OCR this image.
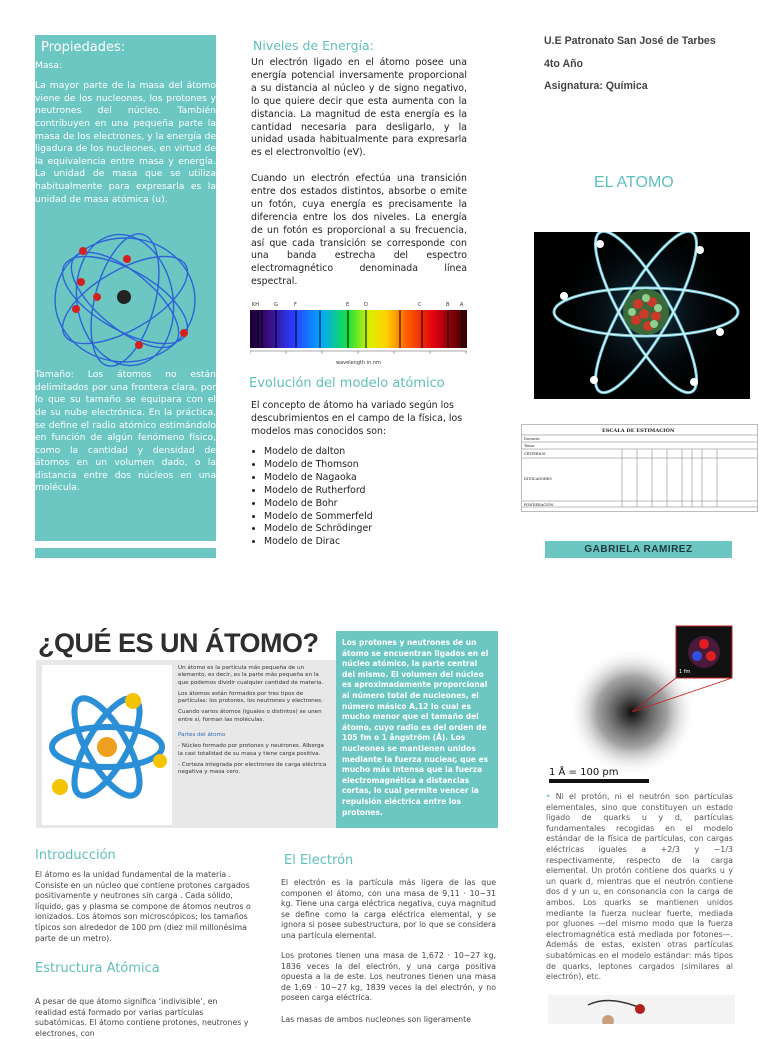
Propiedades:
Masa:

La mayor parte de la masa del átomo viene de los nucleones, los protones y neutrones del núcleo. También contribuyen en una pequeña parte la masa de los electrones, y la energía de ligadura de los nucleones, en virtud de la equivalencia entre masa y energía. La unidad de masa que se utiliza habitualmente para expresarla es la unidad de masa atómica (u).

Tamaño: Los átomos no están delimitados por una frontera clara, por lo que su tamaño se equipara con el de su nube electrónica. En la práctica, se define el radio atómico estimándolo en función de algún fenómeno físico, como la cantidad y densidad de átomos en un volumen dado, o la distancia entre dos núcleos en una molécula.

Niveles de Energía:
Un electrón ligado en el átomo posee una energía potencial inversamente proporcional a su distancia al núcleo y de signo negativo, lo que quiere decir que esta aumenta con la distancia. La magnitud de esta energía es la cantidad necesaria para desligarlo, y la unidad usada habitualmente para expresarla es el electronvoltio (eV).
Cuando un electrón efectúa una transición entre dos estados distintos, absorbe o emite un fotón, cuya energía es precisamente la diferencia entre los dos niveles. La energía de un fotón es proporcional a su frecuencia, así que cada transición se corresponde con una banda estrecha del espectro electromagnético denominada línea espectral.
KH	G	F	E	D	C	B A
wavelength in nm
Evolución del modelo atómico
El concepto de átomo ha variado según los descubrimientos en el campo de la física, los modelos mas conocidos son:
• Modelo de dalton
• Modelo de Thomson
• Modelo de Nagaoka
• Modelo de Rutherford
• Modelo de Bohr
• Modelo de Sommerfeld
• Modelo de Schrödinger
• Modelo de Dirac
U.E Patronato San José de Tarbes
4to Año
Asignatura: Química
EL ATOMO
ESCALA DE ESTIMACIÓN
Docente:
Tema:
CRITERIOS
INDICADORES
PONDERACIÓN
GABRIELA RAMIREZ
¿QUÉ ES UN ÁTOMO?

Un átomo es la partícula más pequeña de un elemento, es decir, es la parte más pequeña en la que podemos dividir cualquier cantidad de materia.

Los átomos están formados por tres tipos de partículas: los protones, los neutrones y electrones.

Cuando varios átomos (iguales o distintos) se unen entre sí, forman las moléculas.

Partes del átomo

- Núcleo formado por protones y neutrones. Alberga la casi totalidad de su masa y tiene carga positiva.

- Corteza integrada por electrones de carga eléctrica negativa y masa cero.

Los protones y neutrones de un átomo se encuentran ligados en el núcleo atómico, la parte central del mismo. El volumen del núcleo es aproximadamente proporcional al número total de nucleones, el número másico A,12 lo cual es mucho menor que el tamaño del átomo, cuyo radio es del orden de 105 fm o 1 ångström (Å). Los nucleones se mantienen unidos mediante la fuerza nuclear, que es mucho más intensa que la fuerza electromagnética a distancias cortas, lo cual permite vencer la repulsión eléctrica entre los protones.
Introducción
El átomo es la unidad fundamental de la materia . Consiste en un núcleo que contiene protones cargados positivamente y neutrones sin carga . Cada sólido, líquido, gas y plasma se compone de átomos neutros o ionizados. Los átomos son microscópicos; los tamaños típicos son alrededor de 100 pm (diez mil millonésima parte de un metro).
Estructura Atómica
A pesar de que átomo significa ‘indivisible’, en realidad está formado por varias partículas subatómicas. El átomo contiene protones, neutrones y electrones, con
El Electrón
El electrón es la partícula más ligera de las que componen el átomo, con una masa de 9,11 · 10−31 kg. Tiene una carga eléctrica negativa, cuya magnitud se define como la carga eléctrica elemental, y se ignora si posee subestructura, por lo que se considera una partícula elemental.
Los protones tienen una masa de 1,672 · 10−27 kg, 1836 veces la del electrón, y una carga positiva opuesta a la de este. Los neutrones tienen una masa de 1,69 · 10−27 kg, 1839 veces la del electrón, y no poseen carga eléctrica.
Las masas de ambos nucleones son ligeramente
1 fm
1 Å = 100 pm
• Ni el protón, ni el neutrón son partículas elementales, sino que constituyen un estado ligado de quarks u y d, partículas fundamentales recogidas en el modelo estándar de la física de partículas, con cargas eléctricas iguales a +2/3 y −1/3 respectivamente, respecto de la carga elemental. Un protón contiene dos quarks u y un quark d, mientras que el neutrón contiene dos d y un u, en consonancia con la carga de ambos. Los quarks se mantienen unidos mediante la fuerza nuclear fuerte, mediada por gluones —del mismo modo que la fuerza electromagnética está mediada por fotones—. Además de estas, existen otras partículas subatómicas en el modelo estándar: más tipos de quarks, leptones cargados (similares al electrón), etc.
